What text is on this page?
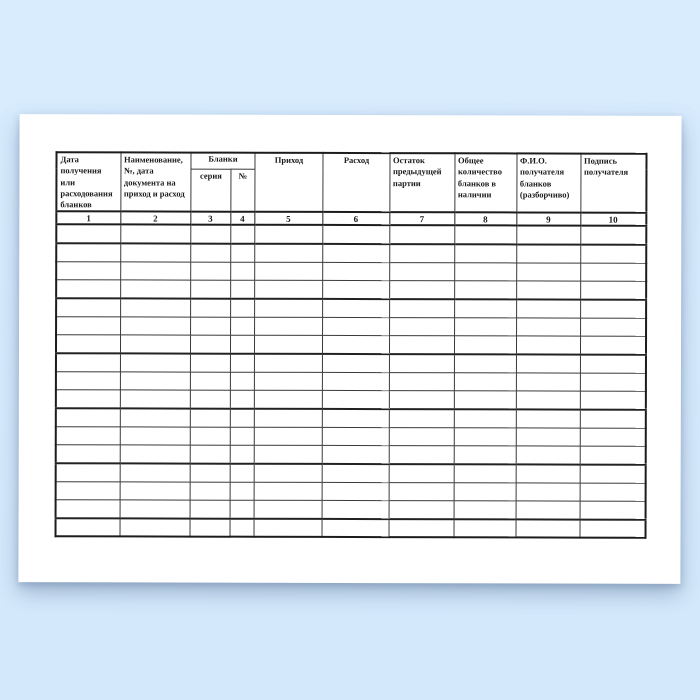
Дата получения или расходования бланков	Наименование, №, дата документа на приход и расход	Бланки		Приход	Расход	Остаток предыдущей партии	Общее количество бланков в наличии	Ф.И.О. получателя бланков (разборчиво)	Подпись получателя
		серия	№						
1	2	3	4	5	6	7	8	9	10
